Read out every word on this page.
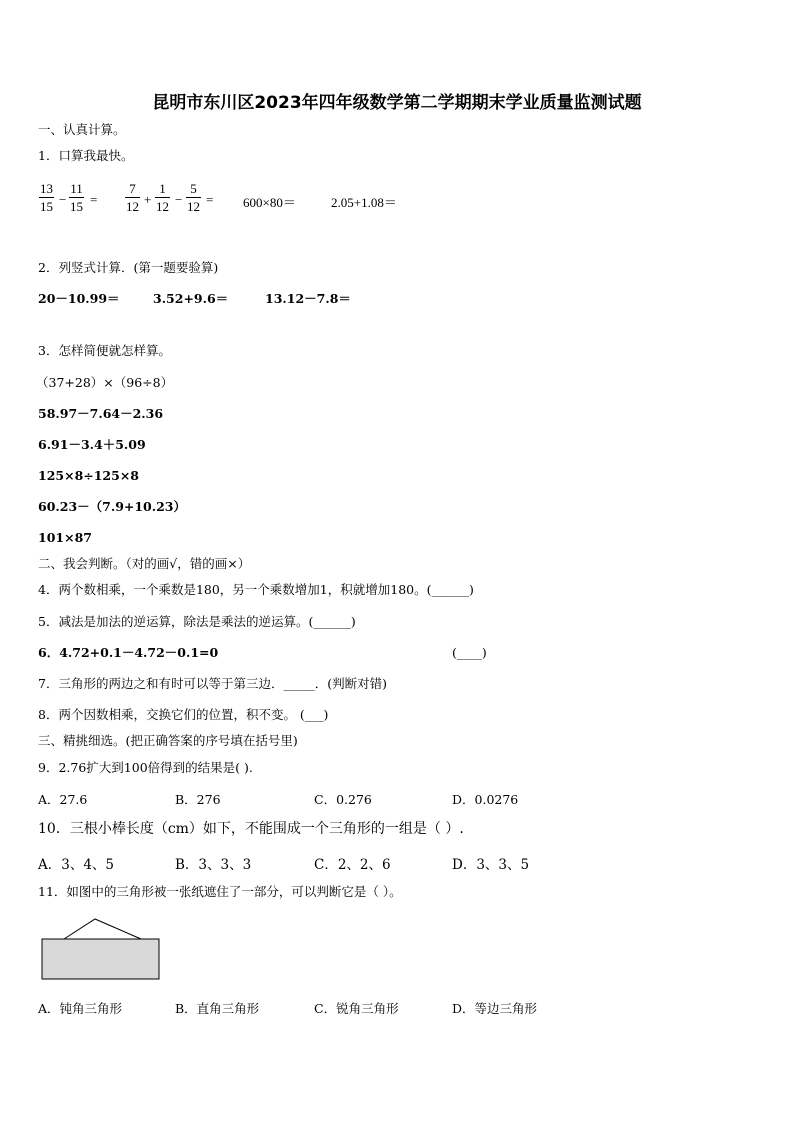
昆明市东川区2023年四年级数学第二学期期末学业质量监测试题
一、认真计算。
1．口算我最快。
13
15 −
11
15 =
7
12 +
1
12 −
5
12 = 600×80＝	2.05+1.08＝
2．列竖式计算．(第一题要验算)
20－10.99＝	3.52+9.6＝	13.12－7.8＝
3．怎样简便就怎样算。
（37+28）×（96÷8）
58.97－7.64－2.36
6.91－3.4＋5.09
125×8÷125×8
60.23－（7.9+10.23）
101×87
二、我会判断。（对的画√，错的画×）
4．两个数相乘，一个乘数是180，另一个乘数增加1，积就增加180。(______)
5．减法是加法的逆运算，除法是乘法的逆运算。(______)
6．4.72+0.1－4.72－0.1=0	(____)
7．三角形的两边之和有时可以等于第三边．_____．(判断对错)
8．两个因数相乘，交换它们的位置，积不变。 (___)
三、精挑细选。(把正确答案的序号填在括号里)
9．2.76扩大到100倍得到的结果是( ).
A．27.6	B．276	C．0.276	D．0.0276
10．三根小棒长度（cm）如下，不能围成一个三角形的一组是（ ）.
A．3、4、5	B．3、3、3	C．2、2、6	D．3、3、5
11．如图中的三角形被一张纸遮住了一部分，可以判断它是（ ）。
A．钝角三角形	B．直角三角形	C．锐角三角形	D．等边三角形
